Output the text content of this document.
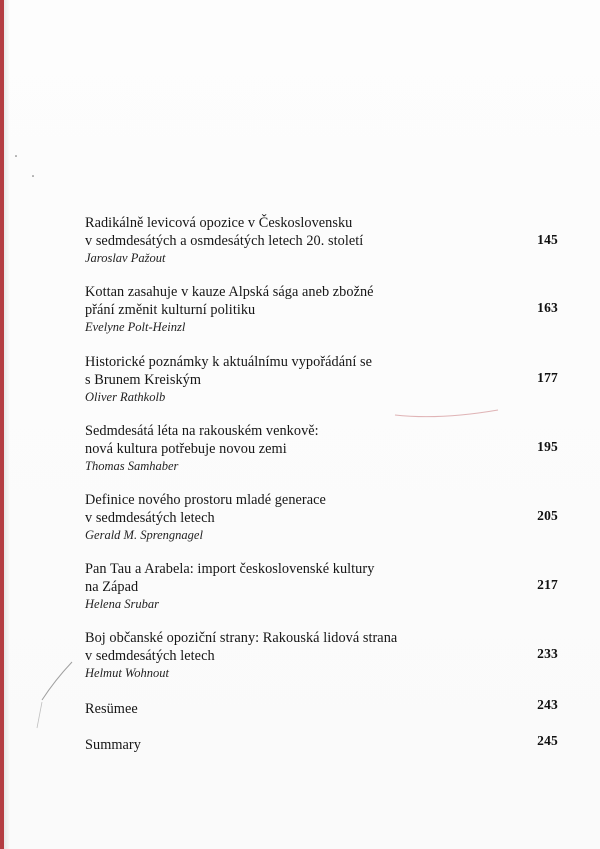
Radikálně levicová opozice v Československu
v sedmdesátých a osmdesátých letech 20. století
Jaroslav Pažout
145
Kottan zasahuje v kauze Alpská sága aneb zbožné
přání změnit kulturní politiku
Evelyne Polt-Heinzl
163
Historické poznámky k aktuálnímu vypořádání se
s Brunem Kreiským
Oliver Rathkolb
177
Sedmdesátá léta na rakouském venkově:
nová kultura potřebuje novou zemi
Thomas Samhaber
195
Definice nového prostoru mladé generace
v sedmdesátých letech
Gerald M. Sprengnagel
205
Pan Tau a Arabela: import československé kultury
na Západ
Helena Srubar
217
Boj občanské opoziční strany: Rakouská lidová strana
v sedmdesátých letech
Helmut Wohnout
233
Resümee	243
Summary	245
